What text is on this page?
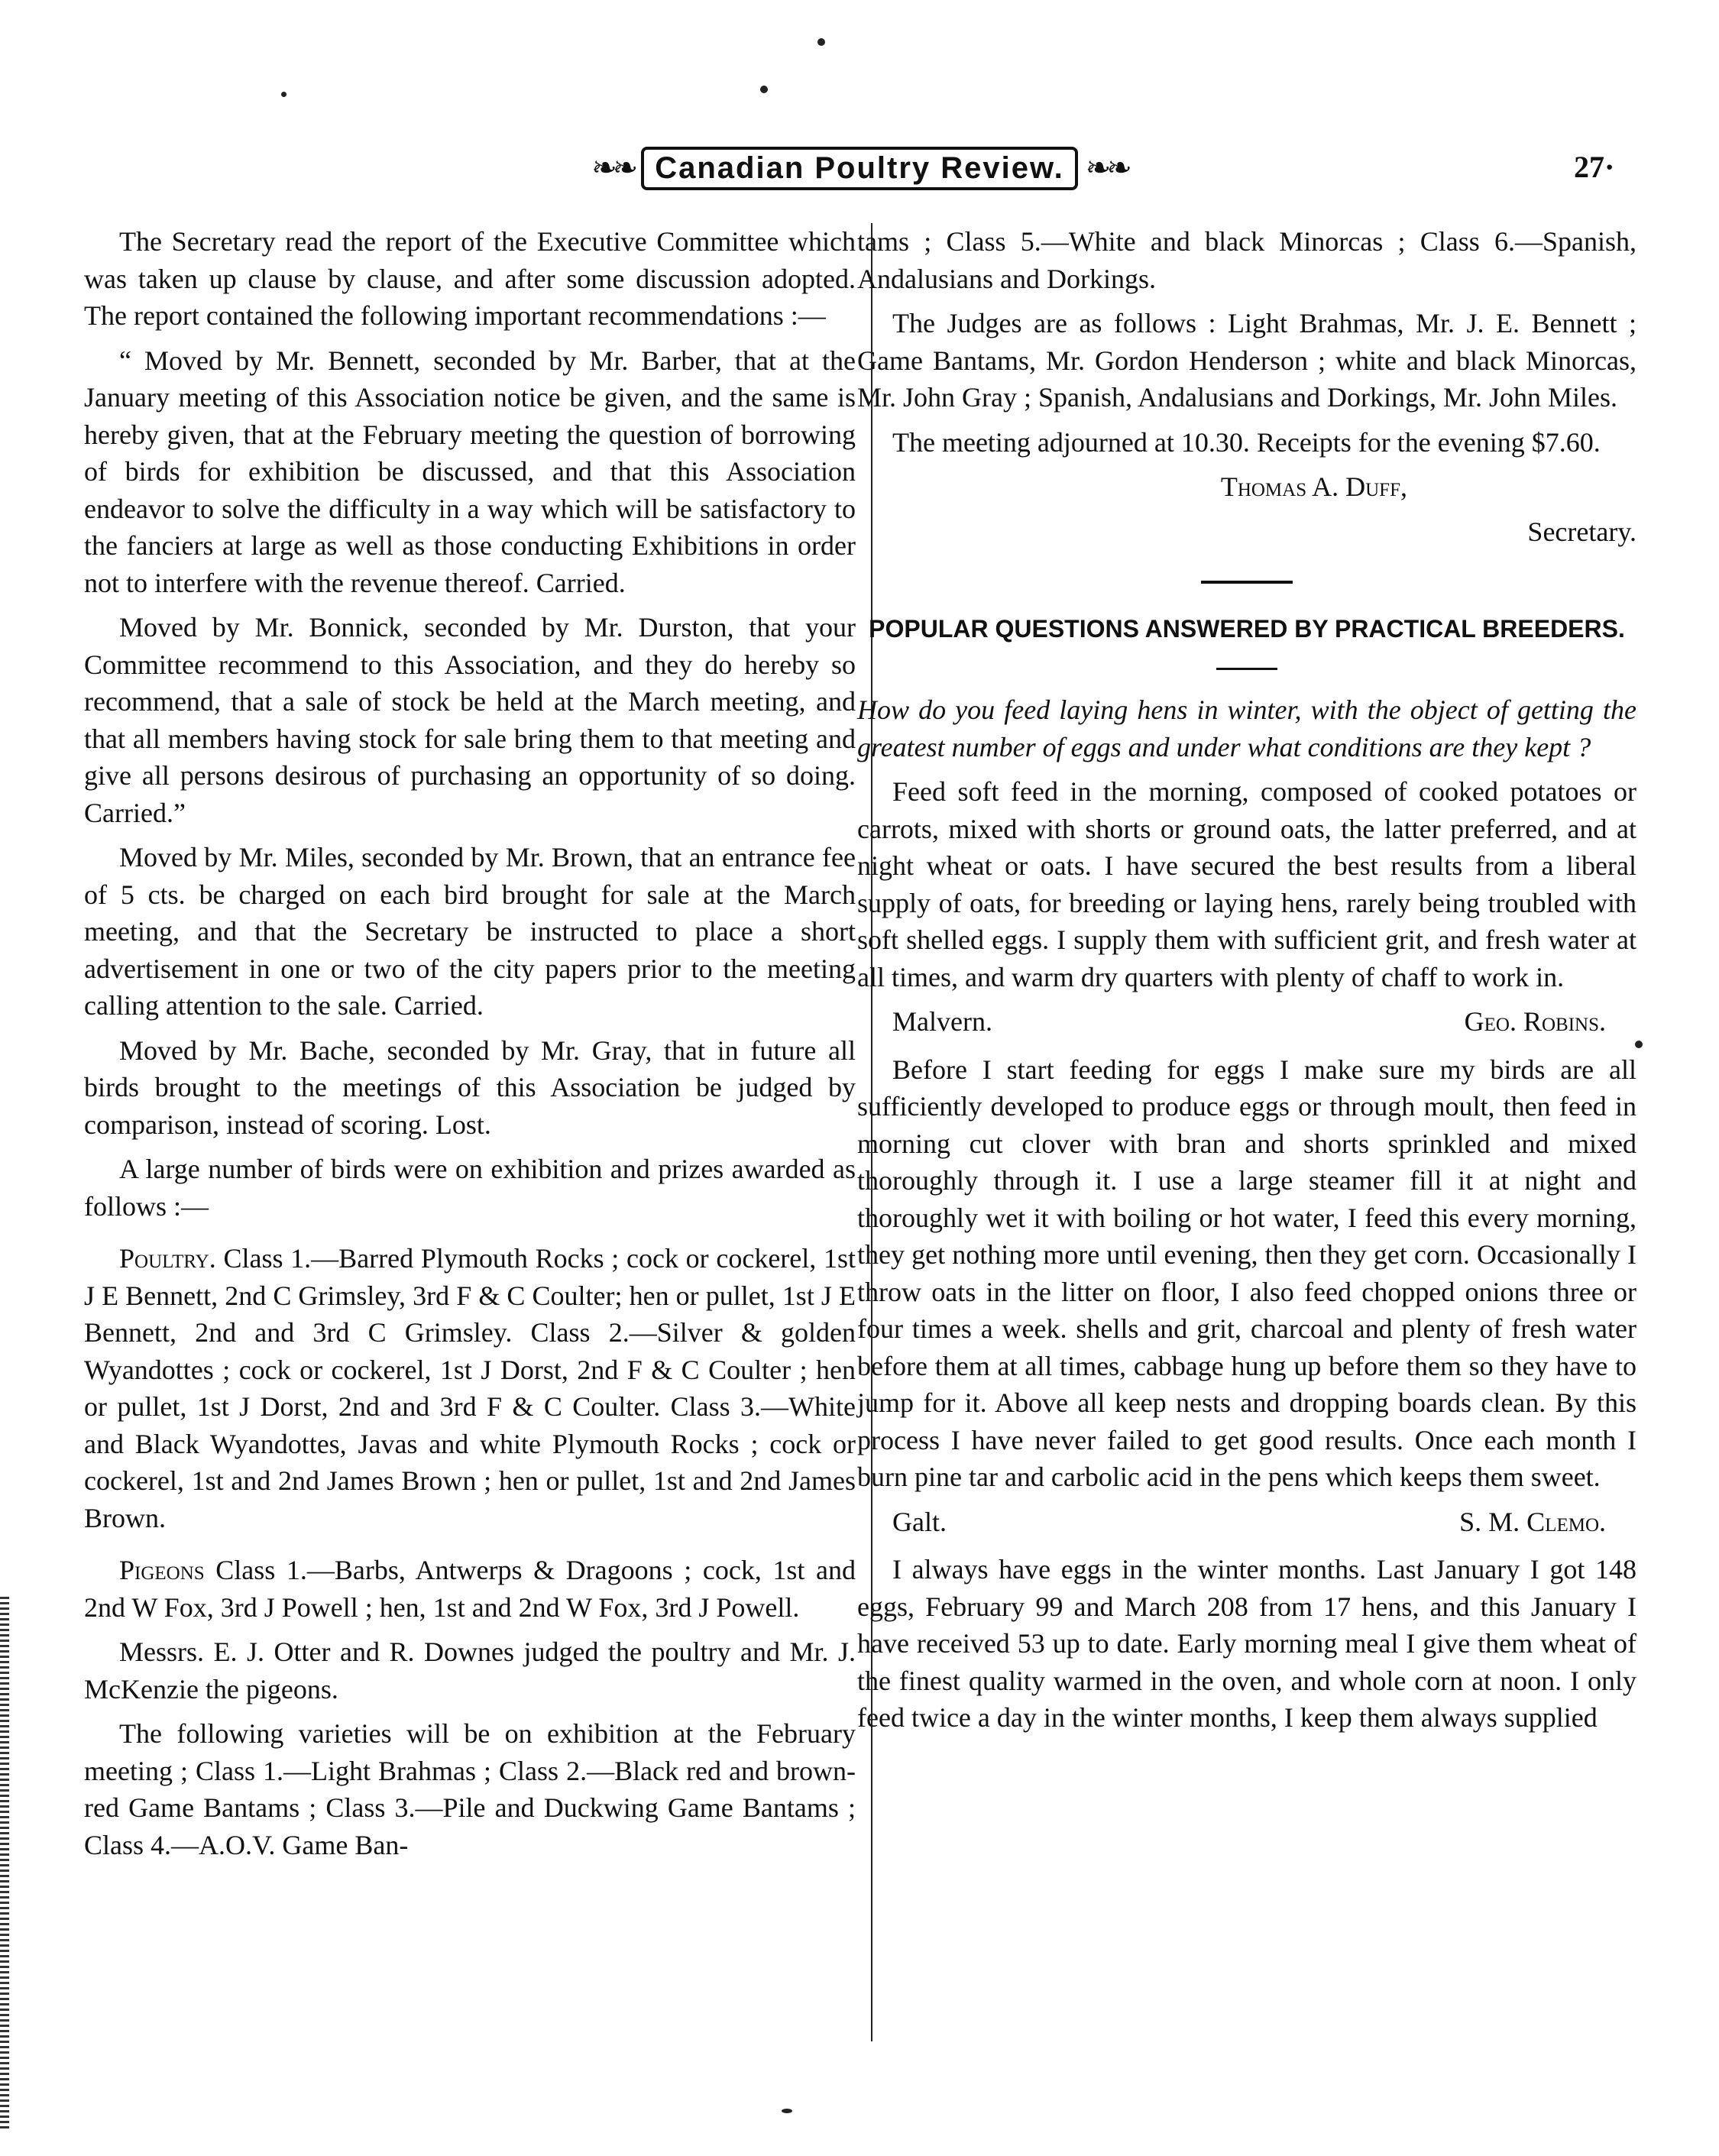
❧❧ Canadian Poultry Review. ❧❧	27·

The Secretary read the report of the Executive Committee which was taken up clause by clause, and after some discussion adopted. The report contained the following important recommendations :—

“ Moved by Mr. Bennett, seconded by Mr. Barber, that at the January meeting of this Association notice be given, and the same is hereby given, that at the February meeting the question of borrowing of birds for exhibition be discussed, and that this Association endeavor to solve the difficulty in a way which will be satisfactory to the fanciers at large as well as those conducting Exhibitions in order not to interfere with the revenue thereof. Carried.

Moved by Mr. Bonnick, seconded by Mr. Durston, that your Committee recommend to this Association, and they do hereby so recommend, that a sale of stock be held at the March meeting, and that all members having stock for sale bring them to that meeting and give all persons desirous of purchasing an opportunity of so doing. Carried.”

Moved by Mr. Miles, seconded by Mr. Brown, that an entrance fee of 5 cts. be charged on each bird brought for sale at the March meeting, and that the Secretary be instructed to place a short advertisement in one or two of the city papers prior to the meeting calling attention to the sale. Carried.

Moved by Mr. Bache, seconded by Mr. Gray, that in future all birds brought to the meetings of this Association be judged by comparison, instead of scoring. Lost.

A large number of birds were on exhibition and prizes awarded as follows :—

Poultry. Class 1.—Barred Plymouth Rocks ; cock or cockerel, 1st J E Bennett, 2nd C Grimsley, 3rd F & C Coulter; hen or pullet, 1st J E Bennett, 2nd and 3rd C Grimsley. Class 2.—Silver & golden Wyandottes ; cock or cockerel, 1st J Dorst, 2nd F & C Coulter ; hen or pullet, 1st J Dorst, 2nd and 3rd F & C Coulter. Class 3.—White and Black Wyandottes, Javas and white Plymouth Rocks ; cock or cockerel, 1st and 2nd James Brown ; hen or pullet, 1st and 2nd James Brown.

Pigeons Class 1.—Barbs, Antwerps & Dragoons ; cock, 1st and 2nd W Fox, 3rd J Powell ; hen, 1st and 2nd W Fox, 3rd J Powell.

Messrs. E. J. Otter and R. Downes judged the poultry and Mr. J. McKenzie the pigeons.

The following varieties will be on exhibition at the February meeting ; Class 1.—Light Brahmas ; Class 2.—Black red and brown-red Game Bantams ; Class 3.—Pile and Duckwing Game Bantams ; Class 4.—A.O.V. Game Ban-

tams ; Class 5.—White and black Minorcas ; Class 6.—Spanish, Andalusians and Dorkings.

The Judges are as follows : Light Brahmas, Mr. J. E. Bennett ; Game Bantams, Mr. Gordon Henderson ; white and black Minorcas, Mr. John Gray ; Spanish, Andalusians and Dorkings, Mr. John Miles.

The meeting adjourned at 10.30. Receipts for the evening $7.60.

Thomas A. Duff,

Secretary.

POPULAR QUESTIONS ANSWERED BY PRACTICAL BREEDERS.

How do you feed laying hens in winter, with the object of getting the greatest number of eggs and under what conditions are they kept ?

Feed soft feed in the morning, composed of cooked potatoes or carrots, mixed with shorts or ground oats, the latter preferred, and at night wheat or oats. I have secured the best results from a liberal supply of oats, for breeding or laying hens, rarely being troubled with soft shelled eggs. I supply them with sufficient grit, and fresh water at all times, and warm dry quarters with plenty of chaff to work in.

Malvern.	Geo. Robins.

Before I start feeding for eggs I make sure my birds are all sufficiently developed to produce eggs or through moult, then feed in morning cut clover with bran and shorts sprinkled and mixed thoroughly through it. I use a large steamer fill it at night and thoroughly wet it with boiling or hot water, I feed this every morning, they get nothing more until evening, then they get corn. Occasionally I throw oats in the litter on floor, I also feed chopped onions three or four times a week. shells and grit, charcoal and plenty of fresh water before them at all times, cabbage hung up before them so they have to jump for it. Above all keep nests and dropping boards clean. By this process I have never failed to get good results. Once each month I burn pine tar and carbolic acid in the pens which keeps them sweet.

Galt.	S. M. Clemo.

I always have eggs in the winter months. Last January I got 148 eggs, February 99 and March 208 from 17 hens, and this January I have received 53 up to date. Early morning meal I give them wheat of the finest quality warmed in the oven, and whole corn at noon. I only feed twice a day in the winter months, I keep them always supplied
